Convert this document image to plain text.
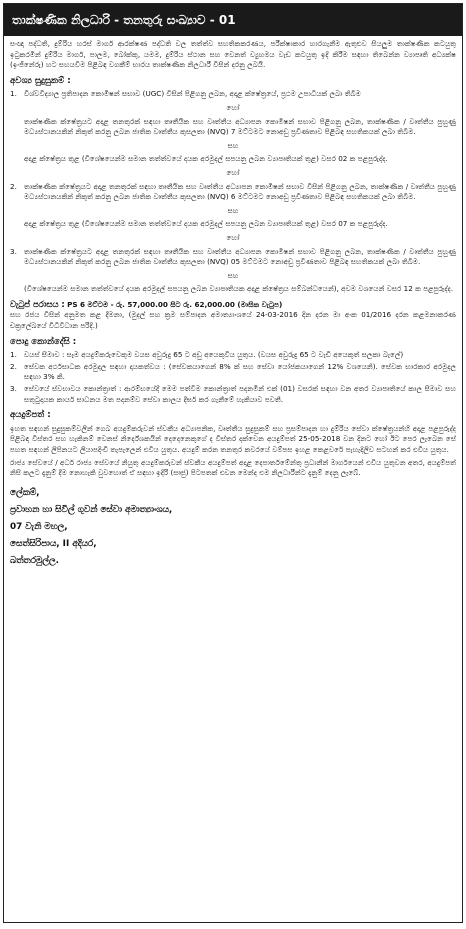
තාක්ෂණික නිලධාරි - තනතුරු සංඛ්‍යාව - 01
සංඥා පද්ධති, දුම්රිය හරස් මාර්ග ආරක්ෂණ පද්ධති වල තත්ත්ව සහතිකකරණය, පරීක්ෂාකාර හාරගැනීම ඇතුළුව සියලුම තාක්ෂණික කටයුතු ඉටුකරමින් දුම්රිය මාර්ග, පාලම, බෝක්කු, යමම, දුම්රිය ස්ථාන සහ වෙනත් ව්‍යුහමය වැඩ කටයුතු ඉදි කිරීම සඳහා තිබෙන්න ව්‍යාපෘති අධ්‍යක්ෂ (ඉංජිනේරු) හට සහයවීම පිළිබඳ වගකීම් භාරය තාක්ෂණික නිලධාරී විසින් දරනු ලබයි.
අවශ්‍ය සුදුසුකම් :
1. විශ්වවිද්‍යාල ප්‍රතිපාදන කොමිෂන් සභාව (UGC) විසින් පිළිගනු ලබන, අදාළ ක්ෂේත්‍රයේ, ප්‍රථම උපාධියක් ලබා තිබීම
හෝ
තාක්ෂණික ක්ෂේත්‍රයට අදාළ තනතුරක් සඳහා තෘතීයික සහ වෘත්තීය අධ්‍යාපන කොමිෂන් සභාව පිළිගනු ලබන, තාක්ෂණික / වෘත්තීය පුහුණු මධ්‍යස්ථානයකින් නිකුත් කරනු ලබන ජාතික වෘත්තීය කුසලතා (NVQ) 7 මට්ටමට නොඅඩු ප්‍රවීණතාව පිළිබඳ සහතිකයක් ලබා තිබීම.
සහ
අදාළ ක්ෂේත්‍රය තුළ (විශේෂයෙන්ම සමාන තත්ත්වයේ දයක අරමුදල් සපයනු ලබන ව්‍යාපෘතියක් තුළ) වසර 02 ක පළපුරුද්ද.
හෝ
2. තාක්ෂණික ක්ෂේත්‍රයට අදාළ තනතුරක් සඳහා තෘතීයික සහ වෘත්තීය අධ්‍යාපන කොමිෂන් සභාව විසින් පිළිගනු ලබන, තාක්ෂණික / වෘත්තීය පුහුණු මධ්‍යස්ථානයකින් නිකුත් කරනු ලබන ජාතික වෘත්තීය කුසලතා (NVQ) 6 මට්ටමට නොඅඩු ප්‍රවීණතාව පිළිබඳ සහතිකයක් ලබා තිබීම.
සහ
අදාළ ක්ෂේත්‍රය තුළ (විශේෂයෙන්ම සමාන තත්ත්වයේ දයක අරමුදල් සපයනු ලබන ව්‍යාපෘතියක් තුළ) වසර 07 ක පළපුරුද්ද.
හෝ
3. තාක්ෂණික ක්ෂේත්‍රයට අදාළ තනතුරක් සඳහා තෘතීයික සහ වෘත්තීය අධ්‍යාපන කොමිෂන් සභාව පිළිගනු ලබන, තාක්ෂණික / වෘත්තීය පුහුණු මධ්‍යස්ථානයකින් නිකුත් කරනු ලබන ජාතික වෘත්තීය කුසලතා (NVQ) 05 මට්ටමට නොඅඩු ප්‍රවීණතාව පිළිබඳ සහතිකයක් ලබා තිබීම.
සහ
(විශේෂයෙන්ම සමාන තත්ත්වයේ දයක අරමුදල් සපයනු ලබන ව්‍යාපෘතියක අදාළ ක්ෂේත්‍රය සම්බන්ධයෙන්), අවම වශයෙන් වසර 12 ක පළපුරුද්ද.
වැටුප් පරාසය : PS 6 මට්ටම - රු. 57,000.00 සිට රු. 62,000.00 (මාසික වැටුප)
සහ රජය විසින් අනුමත කළ දීමනා, (මුදල් සහ ක්‍රම සම්පාදන අමාත්‍යාංශයේ 24-03-2016 දින දරන මා අංක 01/2016 දරන කළමනාකරණ චක්‍රලේඛයේ විධිවිධාන පරිදි.)
පොදු කොන්දේසි :
1. වයස් සීමාව : සෑම අයදුම්කරුවෙකුම වයස අවුරුදු 65 ට අඩු අයෙකුවිය යුතුය. (වයස අවුරුදු 65 ට වැඩි අයෙකුත් සලකා බැලේ)
2. සේවක අර්ථසාධක අරමුදල සඳහා දායකත්වය : (සේවකයාගෙන් 8% ක් සහ සේවා යෝජකයාගෙන් 12% වශයෙනි). සේවක භාරකාර අරමුදල සඳහා 3% කි.
3. සේවයේ ස්වභාවය කොන්ත්‍රාත් : ආරම්භයේදී මෙම පත්වීම කොන්ත්‍රාත් පදනමින් එක් (01) වසරක් සඳහා වන අතර ව්‍යාපෘතියේ කාල සීමාව සහ සතුටුදායක කාර්ය සාධනය මත පදනම්ව සේවා කාලය දීර්ඝ කර ගැනීමේ හැකියාව පවතී.
අයදුම්පත් :
ඉහත සඳහන් සුදුසුකම්වලින් ගෙබ අයදුම්කරුවන් ස්වකීය අධ්‍යාපනික, වෘත්තීය සුදුසුකම් සහ ප්‍රසම්පාදන හා දුම්රිය සේවා ක්ෂේත්‍රයන්හි අදාළ පළපුරුද්ද පිළිබඳ විස්තර සහ හැකිනම් වෙනස් නිර්දේශකයින් දෙදෙනෙකුගේ ද විස්තර දක්වෙන අයදුම්පත් 25-05-2018 වන දිනට හෝ ඊට පෙර ලැබෙන සේ පහත සඳහන් ලිපිනයට ලියාපදිංචි තැපැලෙන් එවිය යුතුය. අයදුම් කරන තනතුර කවරයේ වම්පස ඉහළ කෙළවරේ පැහැදිලිව සටහන් කර එවිය යුතුය.
රාජ්‍ය සේවයේ / අර්ධ රාජ්‍ය සේවයේ නියුතු අයදුම්කරුවන් ස්වකීය අයදුම්පත් අදාළ දෙපාර්තමේන්තු ප්‍රධානීන් මාර්ගයෙන් එවිය යුතුවන අතර, අයදුම්පත් නිසි කලට දැනුම් දීම නොහැකි වුවහොත් ඒ සඳහා ඉදිරි (සෘජු) පිටපතක් එවන මෙන්ද එම නිලධාරීන්ට දැනුම් දෙනු ලැබේ.
ලේකම්,
ප්‍රවාහන හා සිවිල් ගුවන් සේවා අමාත්‍යාංශය,
07 වැනි මහල,
සෙත්සිරිපාය, II අදියර,
බත්තරමුල්ල.
